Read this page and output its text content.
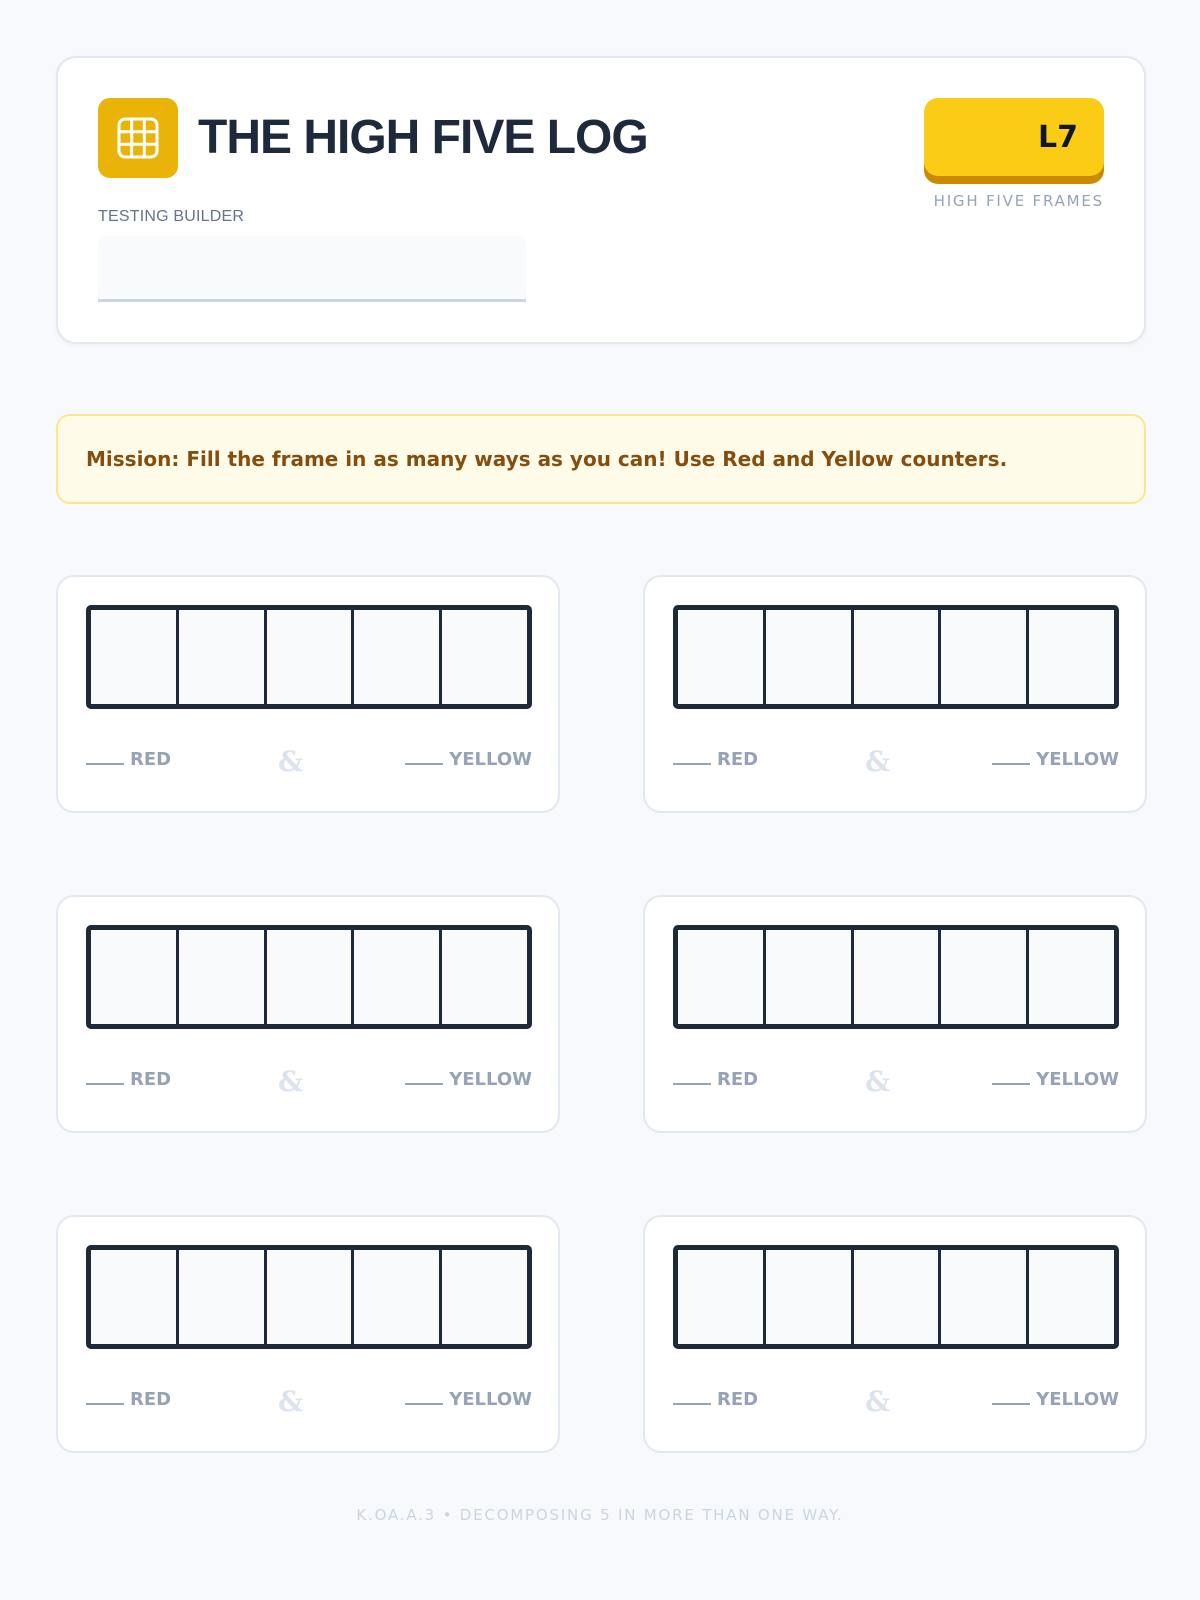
THE HIGH FIVE LOG
TESTING BUILDER
L7
HIGH FIVE FRAMES
Mission: Fill the frame in as many ways as you can! Use Red and Yellow counters.
RED	&	YELLOW	RED	&	YELLOW
RED	&	YELLOW	RED	&	YELLOW
RED	&	YELLOW	RED	&	YELLOW
K.OA.A.3 • DECOMPOSING 5 IN MORE THAN ONE WAY.
